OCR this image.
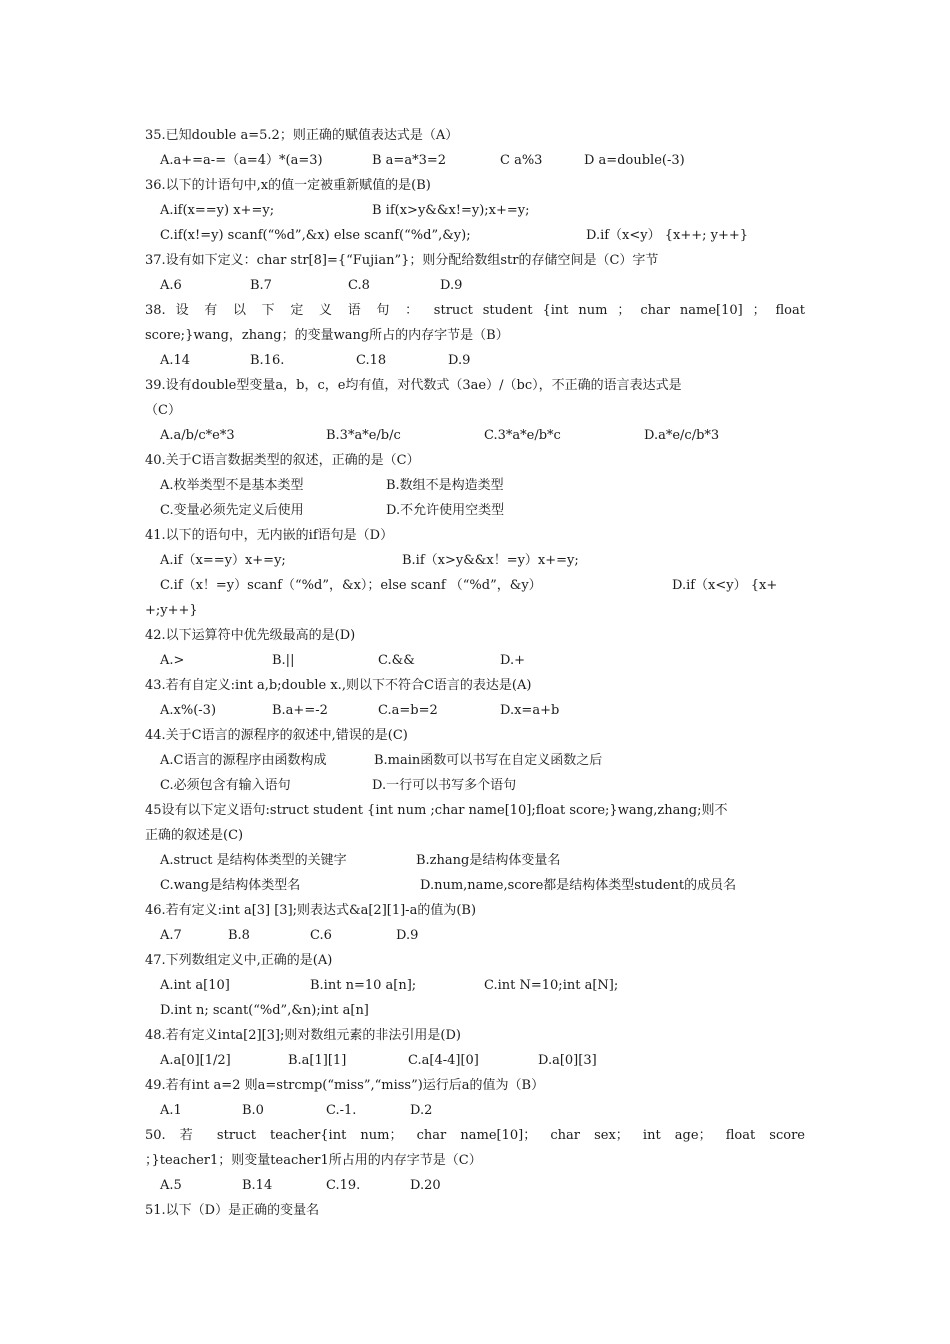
35.已知double a=5.2；则正确的赋值表达式是（A）
A.a+=a-=（a=4）*(a=3)	B a=a*3=2	C a%3	D a=double(-3)
36.以下的计语句中,x的值一定被重新赋值的是(B)
A.if(x==y) x+=y;	B if(x>y&&x!=y);x+=y;
C.if(x!=y) scanf(“%d”,&x) else scanf(“%d”,&y);	D.if（x<y） {x++; y++}
37.设有如下定义：char str[8]={“Fujian”}；则分配给数组str的存储空间是（C）字节
A.6	B.7	C.8	D.9
38. 设 有 以 下 定 义 语 句 ： struct student {int num ； char name[10] ； float
score;}wang，zhang；的变量wang所占的内存字节是（B）
A.14	B.16.	C.18	D.9
39.设有double型变量a，b，c，e均有值，对代数式（3ae）/（bc），不正确的语言表达式是
（C）
A.a/b/c*e*3	B.3*a*e/b/c	C.3*a*e/b*c	D.a*e/c/b*3
40.关于C语言数据类型的叙述，正确的是（C）
A.枚举类型不是基本类型	B.数组不是构造类型
C.变量必须先定义后使用	D.不允许使用空类型
41.以下的语句中，无内嵌的if语句是（D）
A.if（x==y）x+=y;	B.if（x>y&&x！=y）x+=y;
C.if（x！=y）scanf（“%d”，&x）；else scanf （“%d”，&y）	D.if（x<y） {x+
+;y++}
42.以下运算符中优先级最高的是(D)
A.>	B.||	C.&&	D.+
43.若有自定义:int a,b;double x.,则以下不符合C语言的表达是(A)
A.x%(-3)	B.a+=-2	C.a=b=2	D.x=a+b
44.关于C语言的源程序的叙述中,错误的是(C)
A.C语言的源程序由函数构成	B.main函数可以书写在自定义函数之后
C.必须包含有输入语句	D.一行可以书写多个语句
45设有以下定义语句:struct student {int num ;char name[10];float score;}wang,zhang;则不
正确的叙述是(C)
A.struct 是结构体类型的关键字	B.zhang是结构体变量名
C.wang是结构体类型名	D.num,name,score都是结构体类型student的成员名
46.若有定义:int a[3] [3];则表达式&a[2][1]-a的值为(B)
A.7	B.8	C.6	D.9
47.下列数组定义中,正确的是(A)
A.int a[10]	B.int n=10 a[n];	C.int N=10;int a[N];
D.int n; scant(“%d”,&n);int a[n]
48.若有定义inta[2][3];则对数组元素的非法引用是(D)
A.a[0][1/2]	B.a[1][1]	C.a[4-4][0]	D.a[0][3]
49.若有int a=2 则a=strcmp(“miss”,“miss”)运行后a的值为（B）
A.1	B.0	C.-1.	D.2
50. 若 struct teacher{int num； char name[10]； char sex； int age； float score
；}teacher1；则变量teacher1所占用的内存字节是（C）
A.5	B.14	C.19.	D.20
51.以下（D）是正确的变量名
